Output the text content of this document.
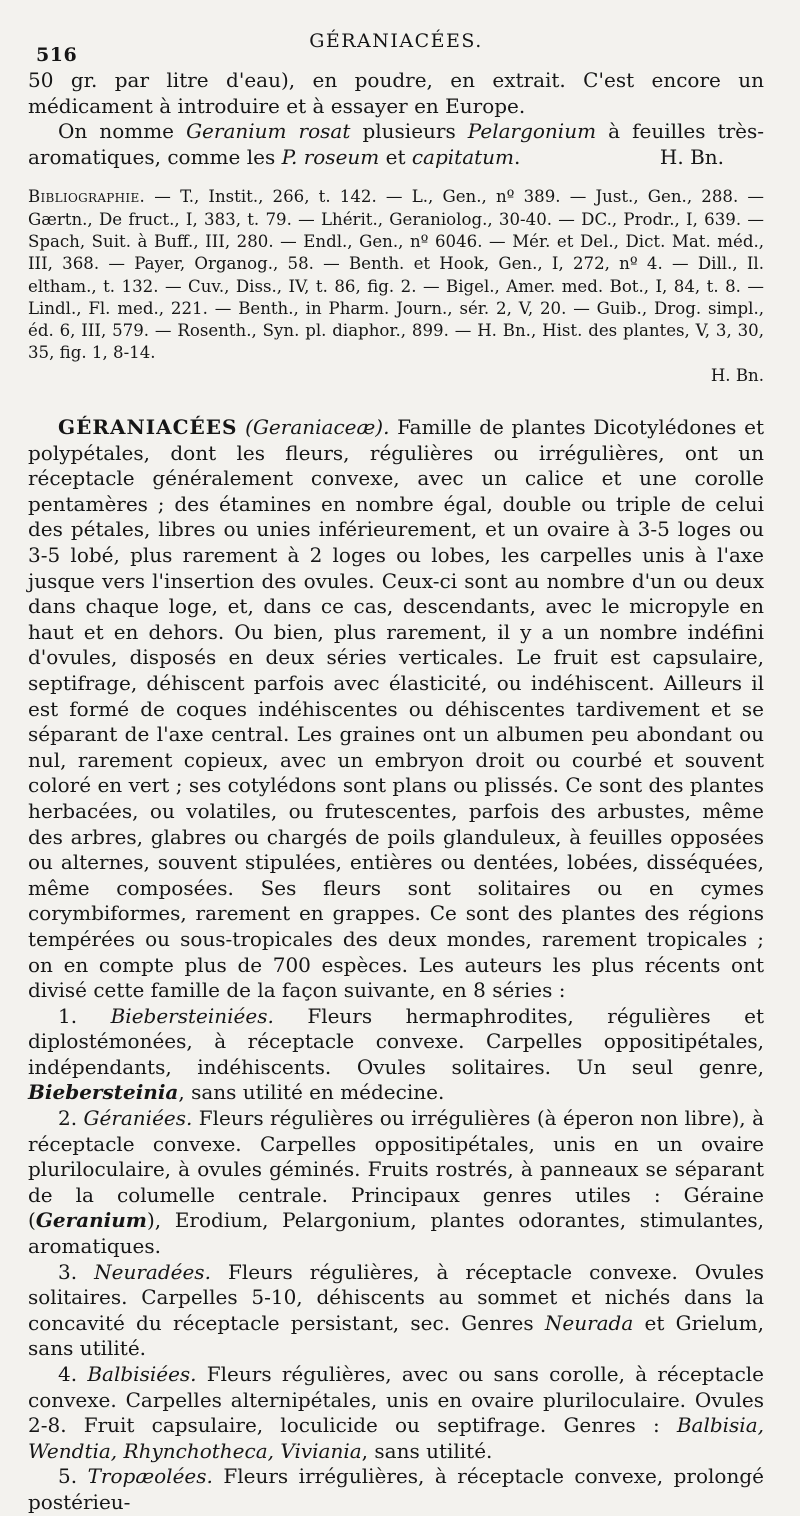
516
GÉRANIACÉES.

50 gr. par litre d'eau), en poudre, en extrait. C'est encore un médicament à introduire et à essayer en Europe.

On nomme Geranium rosat plusieurs Pelargonium à feuilles très-aromatiques, comme les P. roseum et capitatum.	H. Bn.

Bibliographie. — T., Instit., 266, t. 142. — L., Gen., nº 389. — Just., Gen., 288. — Gærtn., De fruct., I, 383, t. 79. — Lhérit., Geraniolog., 30-40. — DC., Prodr., I, 639. — Spach, Suit. à Buff., III, 280. — Endl., Gen., nº 6046. — Mér. et Del., Dict. Mat. méd., III, 368. — Payer, Organog., 58. — Benth. et Hook, Gen., I, 272, nº 4. — Dill., Il. eltham., t. 132. — Cuv., Diss., IV, t. 86, fig. 2. — Bigel., Amer. med. Bot., I, 84, t. 8. — Lindl., Fl. med., 221. — Benth., in Pharm. Journ., sér. 2, V, 20. — Guib., Drog. simpl., éd. 6, III, 579. — Rosenth., Syn. pl. diaphor., 899. — H. Bn., Hist. des plantes, V, 3, 30, 35, fig. 1, 8-14.

H. Bn.

GÉRANIACÉES (Geraniaceæ). Famille de plantes Dicotylédones et polypétales, dont les fleurs, régulières ou irrégulières, ont un réceptacle généralement convexe, avec un calice et une corolle pentamères ; des étamines en nombre égal, double ou triple de celui des pétales, libres ou unies inférieurement, et un ovaire à 3-5 loges ou 3-5 lobé, plus rarement à 2 loges ou lobes, les carpelles unis à l'axe jusque vers l'insertion des ovules. Ceux-ci sont au nombre d'un ou deux dans chaque loge, et, dans ce cas, descendants, avec le micropyle en haut et en dehors. Ou bien, plus rarement, il y a un nombre indéfini d'ovules, disposés en deux séries verticales. Le fruit est capsulaire, septifrage, déhiscent parfois avec élasticité, ou indéhiscent. Ailleurs il est formé de coques indéhiscentes ou déhiscentes tardivement et se séparant de l'axe central. Les graines ont un albumen peu abondant ou nul, rarement copieux, avec un embryon droit ou courbé et souvent coloré en vert ; ses cotylédons sont plans ou plissés. Ce sont des plantes herbacées, ou volatiles, ou frutescentes, parfois des arbustes, même des arbres, glabres ou chargés de poils glanduleux, à feuilles opposées ou alternes, souvent stipulées, entières ou dentées, lobées, disséquées, même composées. Ses fleurs sont solitaires ou en cymes corymbiformes, rarement en grappes. Ce sont des plantes des régions tempérées ou sous-tropicales des deux mondes, rarement tropicales ; on en compte plus de 700 espèces. Les auteurs les plus récents ont divisé cette famille de la façon suivante, en 8 séries :

1. Biebersteiniées. Fleurs hermaphrodites, régulières et diplostémonées, à réceptacle convexe. Carpelles oppositipétales, indépendants, indéhiscents. Ovules solitaires. Un seul genre, Biebersteinia, sans utilité en médecine.

2. Géraniées. Fleurs régulières ou irrégulières (à éperon non libre), à réceptacle convexe. Carpelles oppositipétales, unis en un ovaire pluriloculaire, à ovules géminés. Fruits rostrés, à panneaux se séparant de la columelle centrale. Principaux genres utiles : Géraine (Geranium), Erodium, Pelargonium, plantes odorantes, stimulantes, aromatiques.

3. Neuradées. Fleurs régulières, à réceptacle convexe. Ovules solitaires. Carpelles 5-10, déhiscents au sommet et nichés dans la concavité du réceptacle persistant, sec. Genres Neurada et Grielum, sans utilité.

4. Balbisiées. Fleurs régulières, avec ou sans corolle, à réceptacle convexe. Carpelles alternipétales, unis en ovaire pluriloculaire. Ovules 2-8. Fruit capsulaire, loculicide ou septifrage. Genres : Balbisia, Wendtia, Rhynchotheca, Viviania, sans utilité.

5. Tropæolées. Fleurs irrégulières, à réceptacle convexe, prolongé postérieu-
